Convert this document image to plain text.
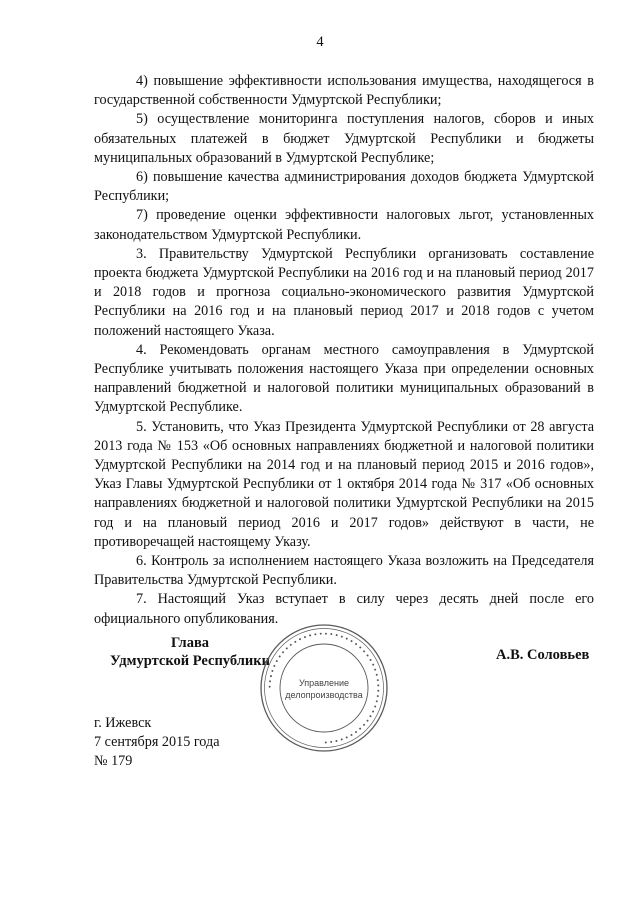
4

4) повышение эффективности использования имущества, находящегося в государственной собственности Удмуртской Республики;

5) осуществление мониторинга поступления налогов, сборов и иных обязательных платежей в бюджет Удмуртской Республики и бюджеты муниципальных образований в Удмуртской Республике;

6) повышение качества администрирования доходов бюджета Удмуртской Республики;

7) проведение оценки эффективности налоговых льгот, установленных законодательством Удмуртской Республики.

3. Правительству Удмуртской Республики организовать составление проекта бюджета Удмуртской Республики на 2016 год и на плановый период 2017 и 2018 годов и прогноза социально-экономического развития Удмуртской Республики на 2016 год и на плановый период 2017 и 2018 годов с учетом положений настоящего Указа.

4. Рекомендовать органам местного самоуправления в Удмуртской Республике учитывать положения настоящего Указа при определении основных направлений бюджетной и налоговой политики муниципальных образований в Удмуртской Республике.

5. Установить, что Указ Президента Удмуртской Республики от 28 августа 2013 года № 153 «Об основных направлениях бюджетной и налоговой политики Удмуртской Республики на 2014 год и на плановый период 2015 и 2016 годов», Указ Главы Удмуртской Республики от 1 октября 2014 года № 317 «Об основных направлениях бюджетной и налоговой политики Удмуртской Республики на 2015 год и на плановый период 2016 и 2017 годов» действуют в части, не противоречащей настоящему Указу.

6. Контроль за исполнением настоящего Указа возложить на Председателя Правительства Удмуртской Республики.

7. Настоящий Указ вступает в силу через десять дней после его официального опубликования.

Глава
Удмуртской Республики
• • • • • • • • • • • • • • • • • • • • • • • • • • • • • • • • • • • • • • • • • • • • • • • •
Управление
делопроизводства
А.В. Соловьев
г. Ижевск
7 сентября 2015 года
№ 179
